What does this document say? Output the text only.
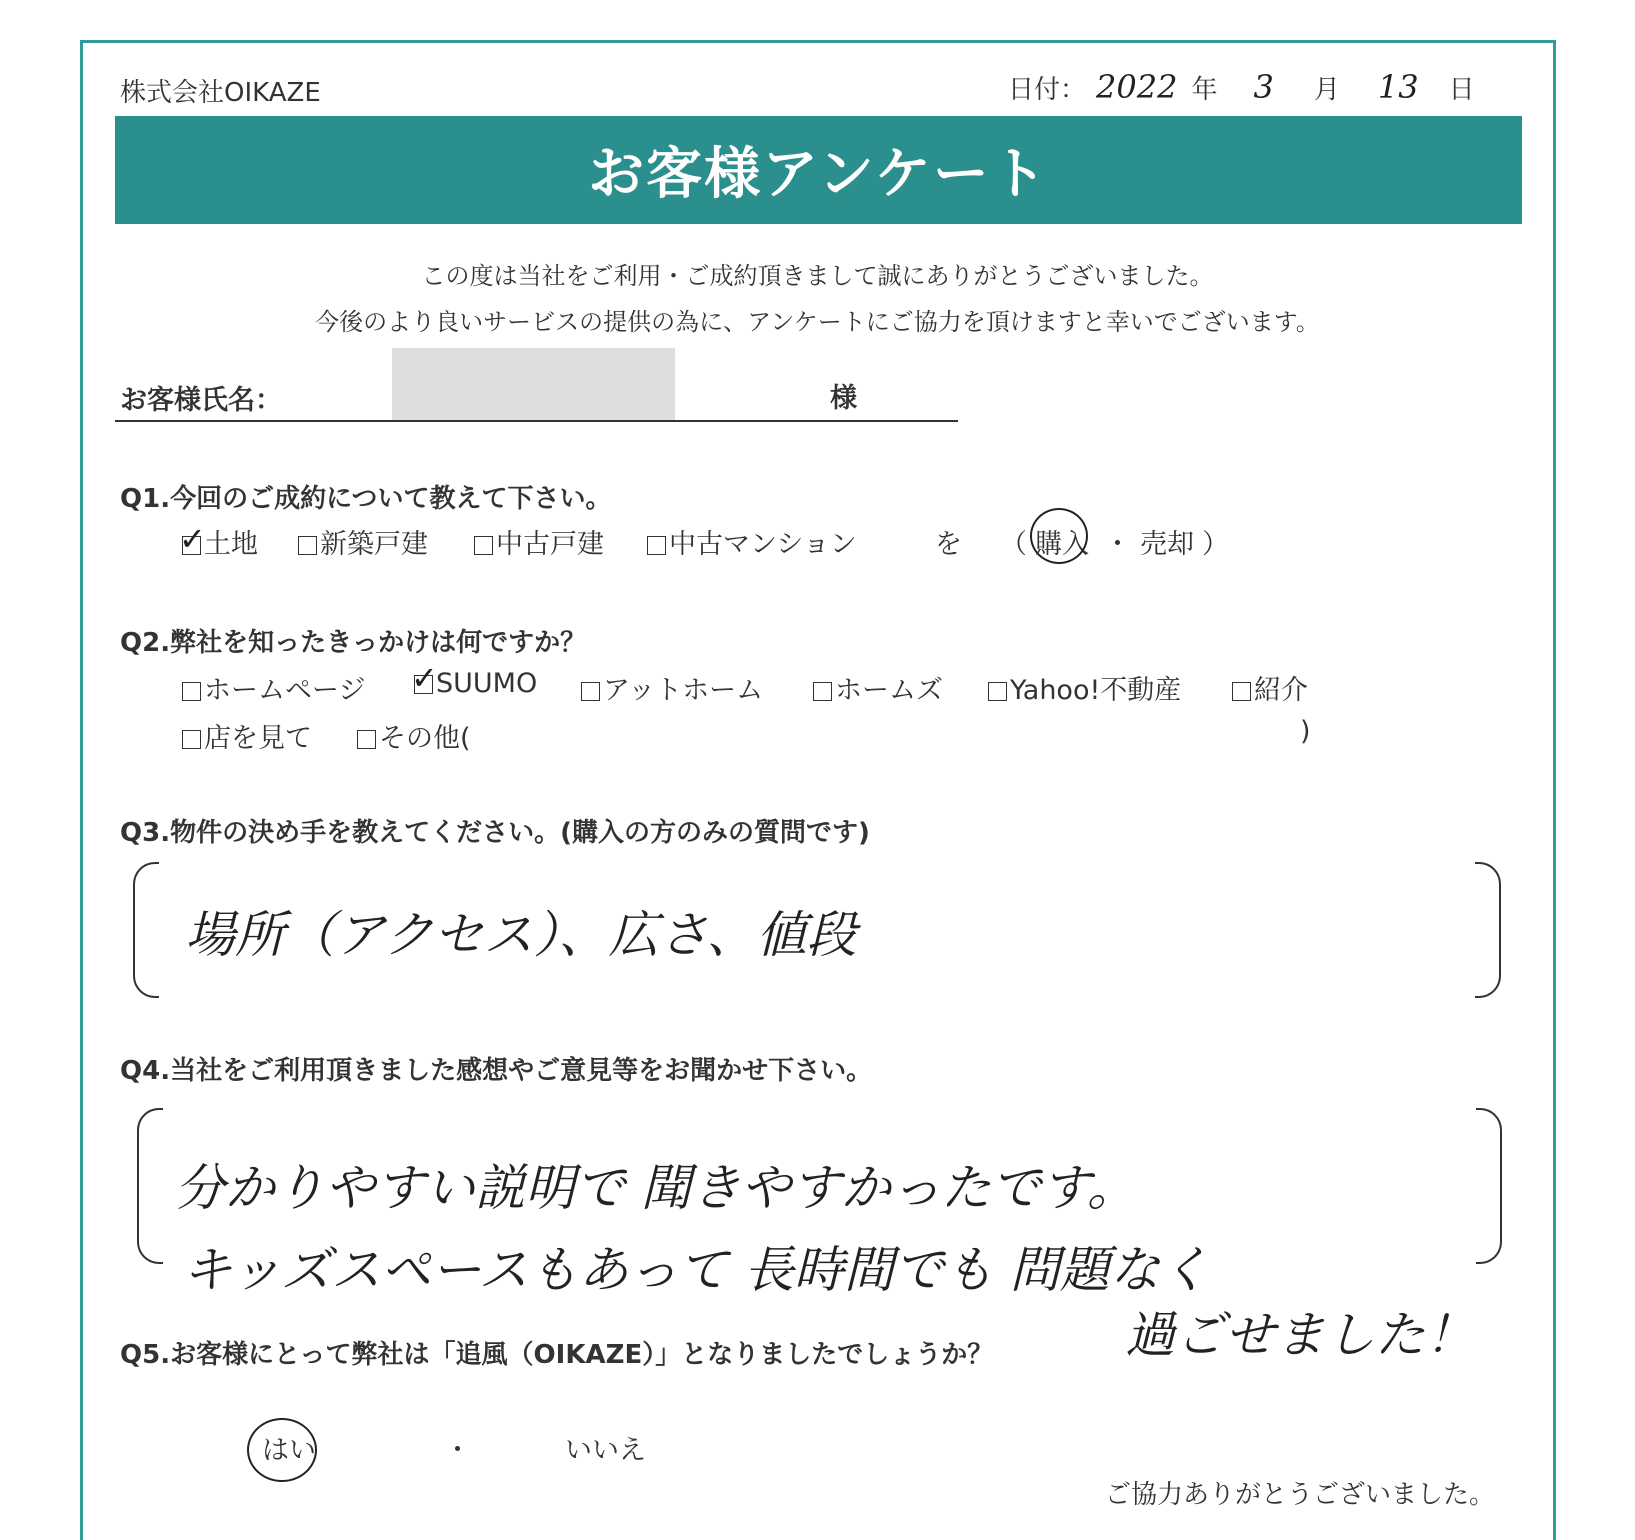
株式会社OIKAZE	日付： 2022 年 3 月 13 日
お客様アンケート
この度は当社をご利用・ご成約頂きまして誠にありがとうございました。
今後のより良いサービスの提供の為に、アンケートにご協力を頂けますと幸いでございます。
お客様氏名：	様
Q1.今回のご成約について教えて下さい。
✓
土地	新築戸建	中古戸建	中古マンション	を （ 購入 ・ 売却 ）
Q2.弊社を知ったきっかけは何ですか？
ホームページ ✓
SUUMO	アットホーム	ホームズ	Yahoo!不動産	紹介
店を見て	その他(	)
Q3.物件の決め手を教えてください。(購入の方のみの質問です)
場所（アクセス）、広さ、値段
Q4.当社をご利用頂きました感想やご意見等をお聞かせ下さい。
分かりやすい説明で 聞きやすかったです。
キッズスペースもあって 長時間でも 問題なく
過ごせました！
Q5.お客様にとって弊社は「追風（OIKAZE）」となりましたでしょうか？
はい	・	いいえ
ご協力ありがとうございました。
